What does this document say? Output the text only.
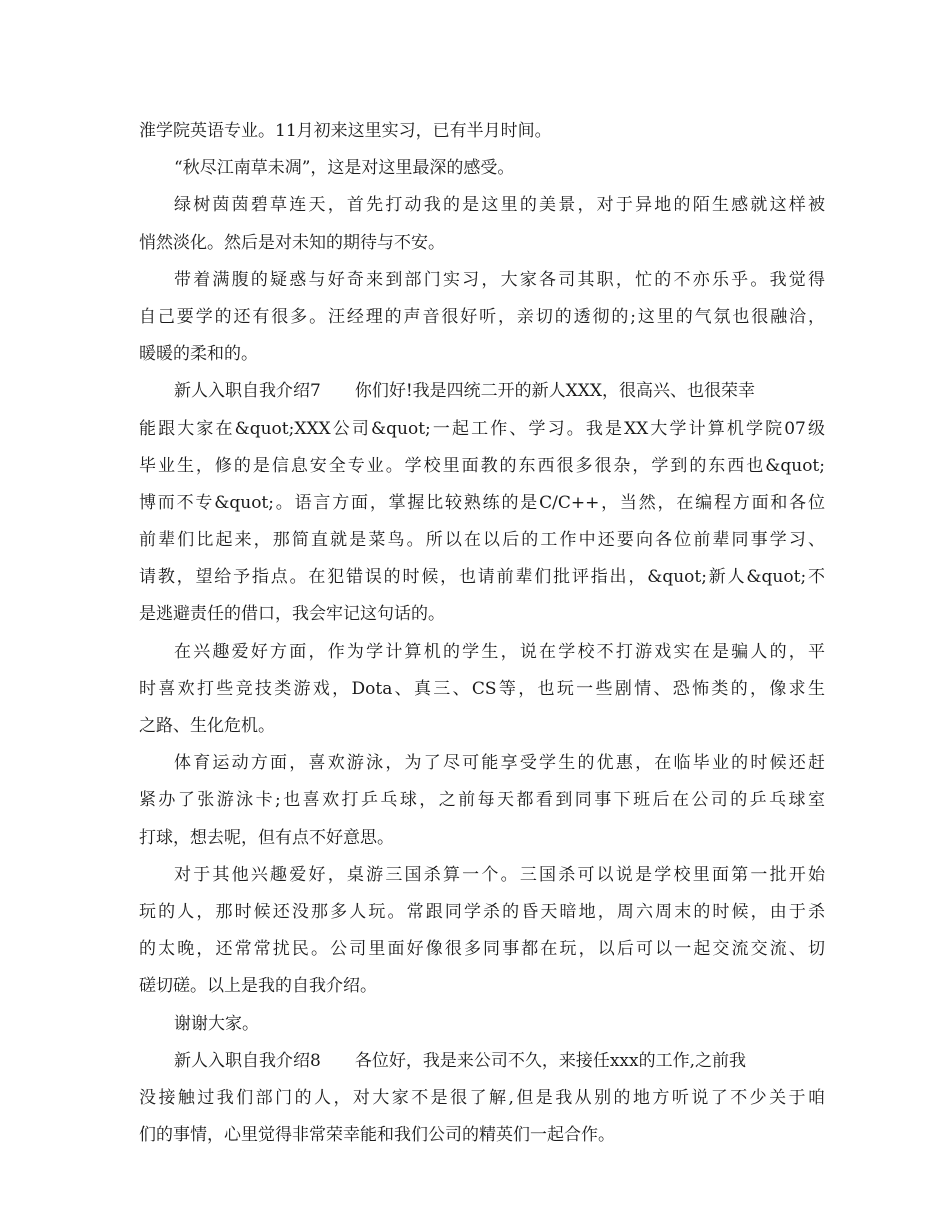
淮学院英语专业。11月初来这里实习，已有半月时间。
“秋尽江南草未凋”，这是对这里最深的感受。
绿树茵茵碧草连天，首先打动我的是这里的美景，对于异地的陌生感就这样被
悄然淡化。然后是对未知的期待与不安。
带着满腹的疑惑与好奇来到部门实习，大家各司其职，忙的不亦乐乎。我觉得
自己要学的还有很多。汪经理的声音很好听，亲切的透彻的;这里的气氛也很融洽，
暖暖的柔和的。
新人入职自我介绍7 你们好!我是四统二开的新人XXX，很高兴、也很荣幸
能跟大家在&quot;XXX公司&quot;一起工作、学习。我是XX大学计算机学院07级
毕业生，修的是信息安全专业。学校里面教的东西很多很杂，学到的东西也&quot;
博而不专&quot;。语言方面，掌握比较熟练的是C/C++，当然，在编程方面和各位
前辈们比起来，那简直就是菜鸟。所以在以后的工作中还要向各位前辈同事学习、
请教，望给予指点。在犯错误的时候，也请前辈们批评指出，&quot;新人&quot;不
是逃避责任的借口，我会牢记这句话的。
在兴趣爱好方面，作为学计算机的学生，说在学校不打游戏实在是骗人的，平
时喜欢打些竞技类游戏，Dota、真三、CS等，也玩一些剧情、恐怖类的，像求生
之路、生化危机。
体育运动方面，喜欢游泳，为了尽可能享受学生的优惠，在临毕业的时候还赶
紧办了张游泳卡;也喜欢打乒乓球，之前每天都看到同事下班后在公司的乒乓球室
打球，想去呢，但有点不好意思。
对于其他兴趣爱好，桌游三国杀算一个。三国杀可以说是学校里面第一批开始
玩的人，那时候还没那多人玩。常跟同学杀的昏天暗地，周六周末的时候，由于杀
的太晚，还常常扰民。公司里面好像很多同事都在玩，以后可以一起交流交流、切
磋切磋。以上是我的自我介绍。
谢谢大家。
新人入职自我介绍8 各位好，我是来公司不久，来接任xxx的工作,之前我
没接触过我们部门的人，对大家不是很了解,但是我从别的地方听说了不少关于咱
们的事情，心里觉得非常荣幸能和我们公司的精英们一起合作。
